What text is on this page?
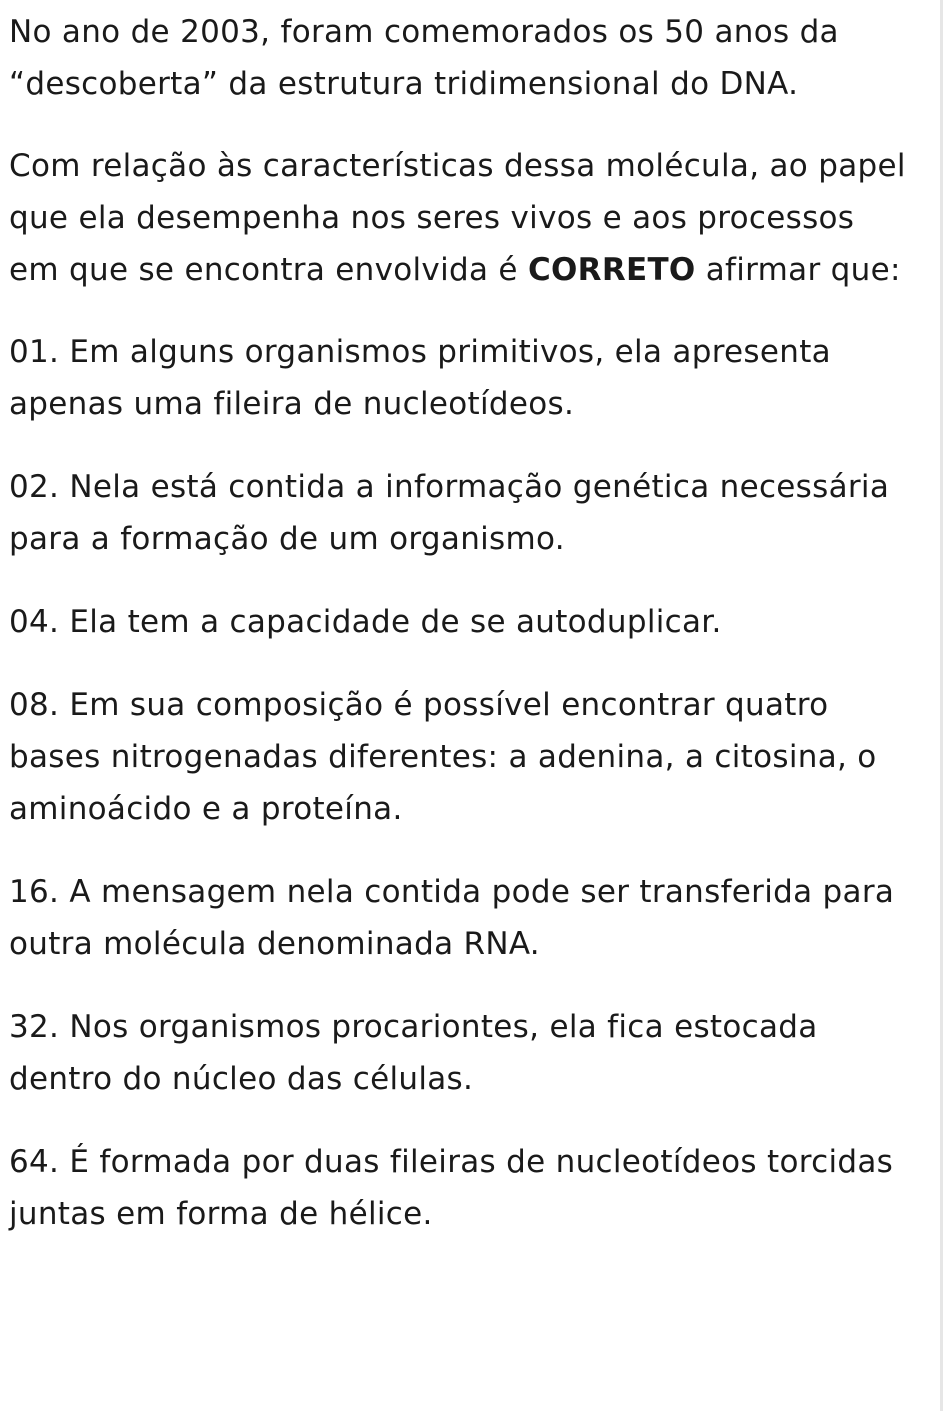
No ano de 2003, foram comemorados os 50 anos da “descoberta” da estrutura tridimensional do DNA.

Com relação às características dessa molécula, ao papel que ela desempenha nos seres vivos e aos processos em que se encontra envolvida é CORRETO afirmar que:

01. Em alguns organismos primitivos, ela apresenta apenas uma fileira de nucleotídeos.

02. Nela está contida a informação genética necessária para a formação de um organismo.

04. Ela tem a capacidade de se autoduplicar.

08. Em sua composição é possível encontrar quatro bases nitrogenadas diferentes: a adenina, a citosina, o aminoácido e a proteína.

16. A mensagem nela contida pode ser transferida para outra molécula denominada RNA.

32. Nos organismos procariontes, ela fica estocada dentro do núcleo das células.

64. É formada por duas fileiras de nucleotídeos torcidas juntas em forma de hélice.
